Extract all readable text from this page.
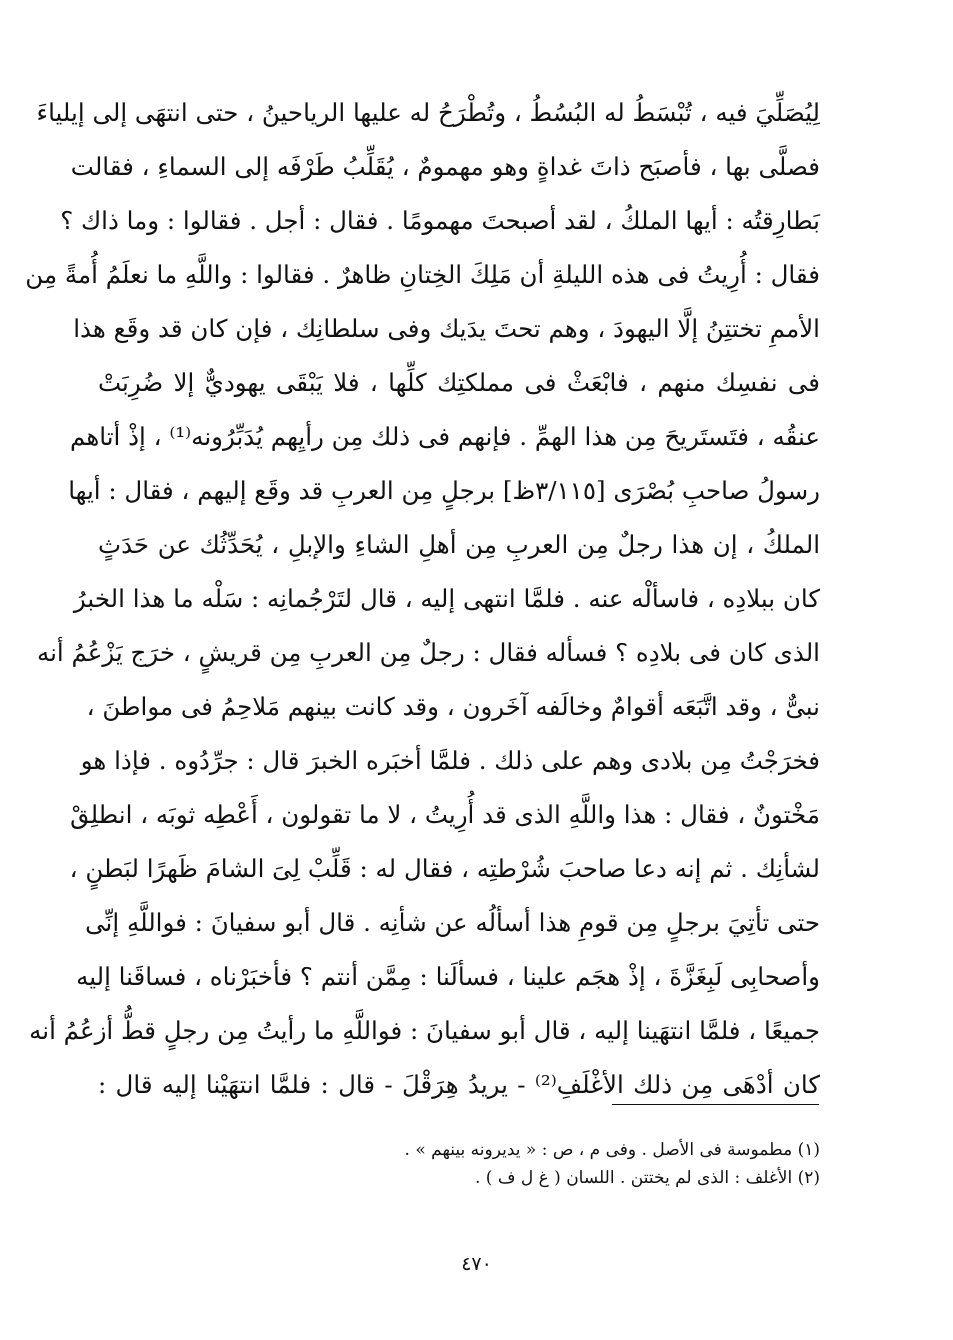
لِيُصَلِّيَ فيه ، تُبْسَطُ له البُسُطُ ، وتُطْرَحُ له عليها الرياحينُ ، حتى انتهَى إلى إيلياءَ
فصلَّى بها ، فأصبَح ذاتَ غداةٍ وهو مهمومٌ ، يُقَلِّبُ طَرْفَه إلى السماءِ ، فقالت
بَطارِقتُه : أيها الملكُ ، لقد أصبحتَ مهمومًا . فقال : أجل . فقالوا : وما ذاك ؟
فقال : أُرِيتُ فى هذه الليلةِ أن مَلِكَ الخِتانِ ظاهرٌ . فقالوا : واللَّهِ ما نعلَمُ أُمةً مِن
الأممِ تختتِنُ إلَّا اليهودَ ، وهم تحتَ يدَيك وفى سلطانِك ، فإن كان قد وقَع هذا
فى نفسِك منهم ، فابْعَثْ فى مملكتِك كلِّها ، فلا يَبْقَى يهوديٌّ إلا ضُرِبَتْ
عنقُه ، فتَستَريحَ مِن هذا الهمِّ . فإنهم فى ذلك مِن رأيِهم يُدَبِّرُونه⁽¹⁾ ، إذْ أتاهم
رسولُ صاحبِ بُصْرَى [٣/١١٥ظ] برجلٍ مِن العربِ قد وقَع إليهم ، فقال : أيها
الملكُ ، إن هذا رجلٌ مِن العربِ مِن أهلِ الشاءِ والإبلِ ، يُحَدِّثُك عن حَدَثٍ
كان ببلادِه ، فاسألْه عنه . فلمَّا انتهى إليه ، قال لتَرْجُمانِه : سَلْه ما هذا الخبرُ
الذى كان فى بلادِه ؟ فسأله فقال : رجلٌ مِن العربِ مِن قريشٍ ، خرَج يَزْعُمُ أنه
نبىٌّ ، وقد اتَّبَعَه أقوامٌ وخالَفه آخَرون ، وقد كانت بينهم مَلاحِمُ فى مواطنَ ،
فخرَجْتُ مِن بلادى وهم على ذلك . فلمَّا أخبَره الخبرَ قال : جرِّدُوه . فإذا هو
مَخْتونٌ ، فقال : هذا واللَّهِ الذى قد أُرِيتُ ، لا ما تقولون ، أَعْطِه ثوبَه ، انطلِقْ
لشأنِك . ثم إنه دعا صاحبَ شُرْطتِه ، فقال له : قَلِّبْ لِىَ الشامَ ظَهرًا لبَطنٍ ،
حتى تأتِيَ برجلٍ مِن قومِ هذا أسألُه عن شأنِه . قال أبو سفيانَ : فواللَّهِ إنِّى
وأصحابِى لَبِغَزَّةَ ، إذْ هجَم علينا ، فسألَنا : مِمَّن أنتم ؟ فأخبَرْناه ، فساقَنا إليه
جميعًا ، فلمَّا انتهَينا إليه ، قال أبو سفيانَ : فواللَّهِ ما رأيتُ مِن رجلٍ قطُّ أزعُمُ أنه
كان أدْهَى مِن ذلك الأغْلَفِ⁽²⁾ - يريدُ هِرَقْلَ - قال : فلمَّا انتهَيْنا إليه قال :
(١) مطموسة فى الأصل . وفى م ، ص : « يديرونه بينهم » .
(٢) الأغلف : الذى لم يختتن . اللسان ( غ ل ف ) .
٤٧٠
